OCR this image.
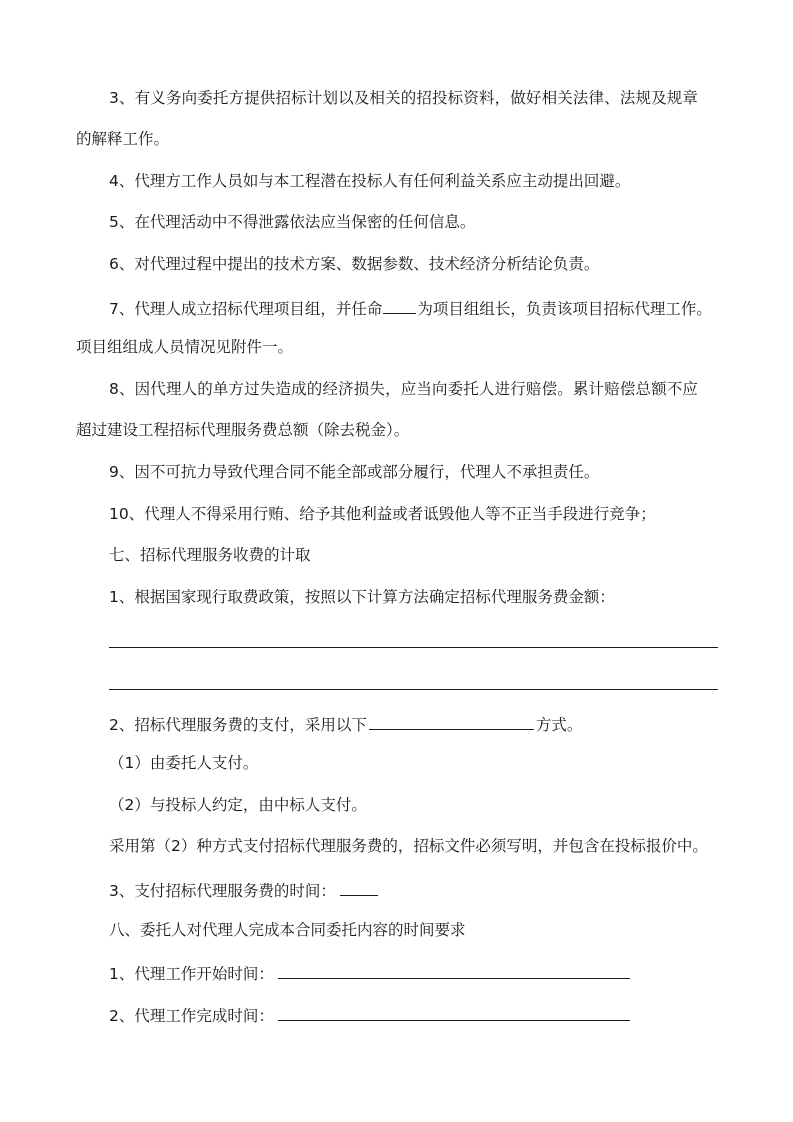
3、有义务向委托方提供招标计划以及相关的招投标资料，做好相关法律、法规及规章
的解释工作。
4、代理方工作人员如与本工程潜在投标人有任何利益关系应主动提出回避。
5、在代理活动中不得泄露依法应当保密的任何信息。
6、对代理过程中提出的技术方案、数据参数、技术经济分析结论负责。
7、代理人成立招标代理项目组，并任命 为项目组组长，负责该项目招标代理工作。
项目组组成人员情况见附件一。
8、因代理人的单方过失造成的经济损失，应当向委托人进行赔偿。累计赔偿总额不应
超过建设工程招标代理服务费总额（除去税金）。
9、因不可抗力导致代理合同不能全部或部分履行，代理人不承担责任。
10、代理人不得采用行贿、给予其他利益或者诋毁他人等不正当手段进行竞争；
七、招标代理服务收费的计取
1、根据国家现行取费政策，按照以下计算方法确定招标代理服务费金额：
2、招标代理服务费的支付，采用以下	方式。
（1）由委托人支付。
（2）与投标人约定，由中标人支付。
采用第（2）种方式支付招标代理服务费的，招标文件必须写明，并包含在投标报价中。
3、支付招标代理服务费的时间：
八、委托人对代理人完成本合同委托内容的时间要求
1、代理工作开始时间：
2、代理工作完成时间：
